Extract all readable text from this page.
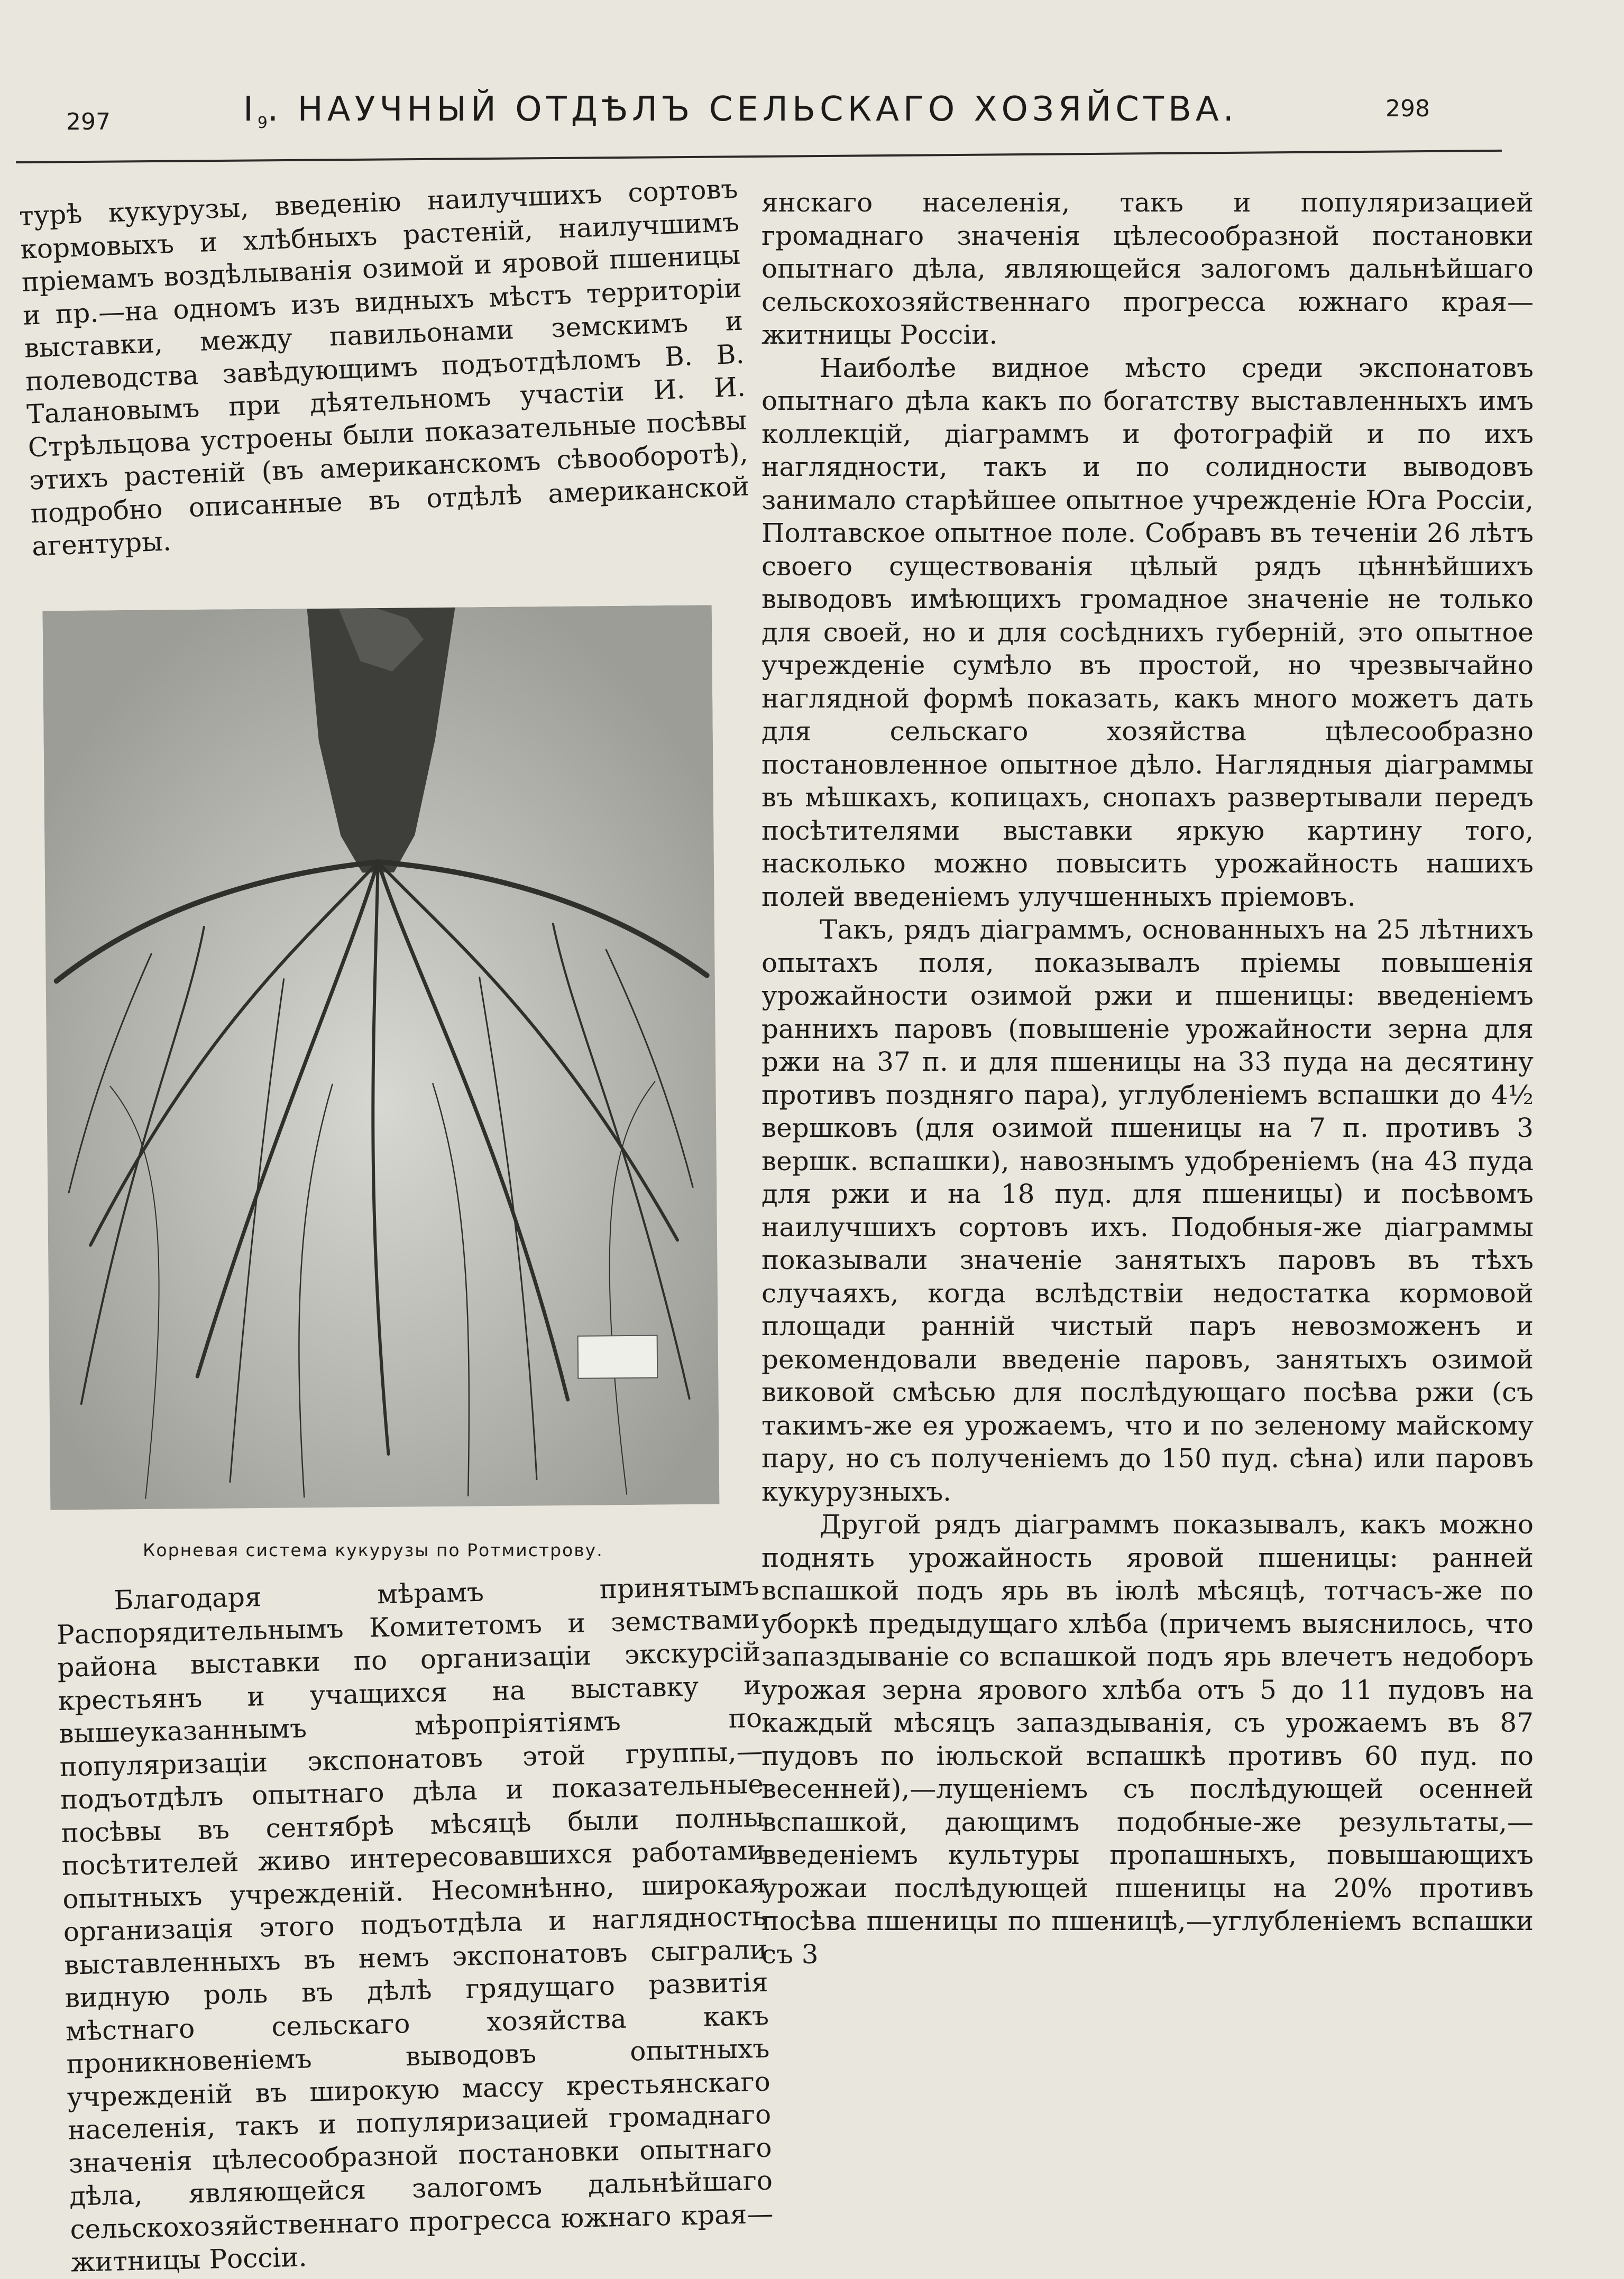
297	$I_9$. НАУЧНЫЙ ОТДѢЛЪ СЕЛЬСКАГО ХОЗЯЙСТВА.	298

турѣ кукурузы, введенію наилучшихъ сортовъ кормовыхъ и хлѣбныхъ растеній, наилучшимъ пріемамъ воздѣлыванія озимой и яровой пшеницы и пр.—на одномъ изъ видныхъ мѣстъ территоріи выставки, между павильонами земскимъ и полеводства завѣдующимъ подъотдѣломъ В. В. Талановымъ при дѣятельномъ участіи И. И. Стрѣльцова устроены были показательные посѣвы этихъ растеній (въ американскомъ сѣвооборотѣ), подробно описанные въ отдѣлѣ американской агентуры.

Корневая система кукурузы по Ротмистрову.

Благодаря мѣрамъ принятымъ Распорядительнымъ Комитетомъ и земствами района выставки по организаціи экскурсій крестьянъ и учащихся на выставку и вышеуказаннымъ мѣропріятіямъ по популяризаціи экспонатовъ этой группы,—подъотдѣлъ опытнаго дѣла и показательные посѣвы въ сентябрѣ мѣсяцѣ были полны посѣтителей живо интересовавшихся работами опытныхъ учрежденій. Несомнѣнно, широкая организація этого подъотдѣла и наглядность выставленныхъ въ немъ экспонатовъ сыграли видную роль въ дѣлѣ грядущаго развитія мѣстнаго сельскаго хозяйства какъ проникновеніемъ выводовъ опытныхъ учрежденій въ широкую массу крестьянскаго населенія, такъ и популяризацией громаднаго значенія цѣлесообразной постановки опытнаго дѣла, являющейся залогомъ дальнѣйшаго сельскохозяйственнаго прогресса южнаго края—житницы Россіи.

янскаго населенія, такъ и популяризацией громаднаго значенія цѣлесообразной постановки опытнаго дѣла, являющейся залогомъ дальнѣйшаго сельскохозяйственнаго прогресса южнаго края—житницы Россіи.

Наиболѣе видное мѣсто среди экспонатовъ опытнаго дѣла какъ по богатству выставленныхъ имъ коллекцій, діаграммъ и фотографій и по ихъ наглядности, такъ и по солидности выводовъ занимало старѣйшее опытное учрежденіе Юга Россіи, Полтавское опытное поле. Собравъ въ теченіи 26 лѣтъ своего существованія цѣлый рядъ цѣннѣйшихъ выводовъ имѣющихъ громадное значеніе не только для своей, но и для сосѣднихъ губерній, это опытное учрежденіе сумѣло въ простой, но чрезвычайно наглядной формѣ показать, какъ много можетъ дать для сельскаго хозяйства цѣлесообразно постановленное опытное дѣло. Наглядныя діаграммы въ мѣшкахъ, копицахъ, снопахъ развертывали передъ посѣтителями выставки яркую картину того, насколько можно повысить урожайность нашихъ полей введеніемъ улучшенныхъ пріемовъ.

Такъ, рядъ діаграммъ, основанныхъ на 25 лѣтнихъ опытахъ поля, показывалъ пріемы повышенія урожайности озимой ржи и пшеницы: введеніемъ раннихъ паровъ (повышеніе урожайности зерна для ржи на 37 п. и для пшеницы на 33 пуда на десятину противъ поздняго пара), углубленіемъ вспашки до 4½ вершковъ (для озимой пшеницы на 7 п. противъ 3 вершк. вспашки), навознымъ удобреніемъ (на 43 пуда для ржи и на 18 пуд. для пшеницы) и посѣвомъ наилучшихъ сортовъ ихъ. Подобныя-же діаграммы показывали значеніе занятыхъ паровъ въ тѣхъ случаяхъ, когда вслѣдствіи недостатка кормовой площади ранній чистый паръ невозможенъ и рекомендовали введеніе паровъ, занятыхъ озимой виковой смѣсью для послѣдующаго посѣва ржи (съ такимъ-же ея урожаемъ, что и по зеленому майскому пару, но съ полученіемъ до 150 пуд. сѣна) или паровъ кукурузныхъ.

Другой рядъ діаграммъ показывалъ, какъ можно поднять урожайность яровой пшеницы: ранней вспашкой подъ ярь въ іюлѣ мѣсяцѣ, тотчасъ-же по уборкѣ предыдущаго хлѣба (причемъ выяснилось, что запаздываніе со вспашкой подъ ярь влечетъ недоборъ урожая зерна ярового хлѣба отъ 5 до 11 пудовъ на каждый мѣсяцъ запаздыванія, съ урожаемъ въ 87 пудовъ по іюльской вспашкѣ противъ 60 пуд. по весенней),—лущеніемъ съ послѣдующей осенней вспашкой, дающимъ подобные-же результаты,—введеніемъ культуры пропашныхъ, повышающихъ урожаи послѣдующей пшеницы на 20% противъ посѣва пшеницы по пшеницѣ,—углубленіемъ вспашки съ 3
